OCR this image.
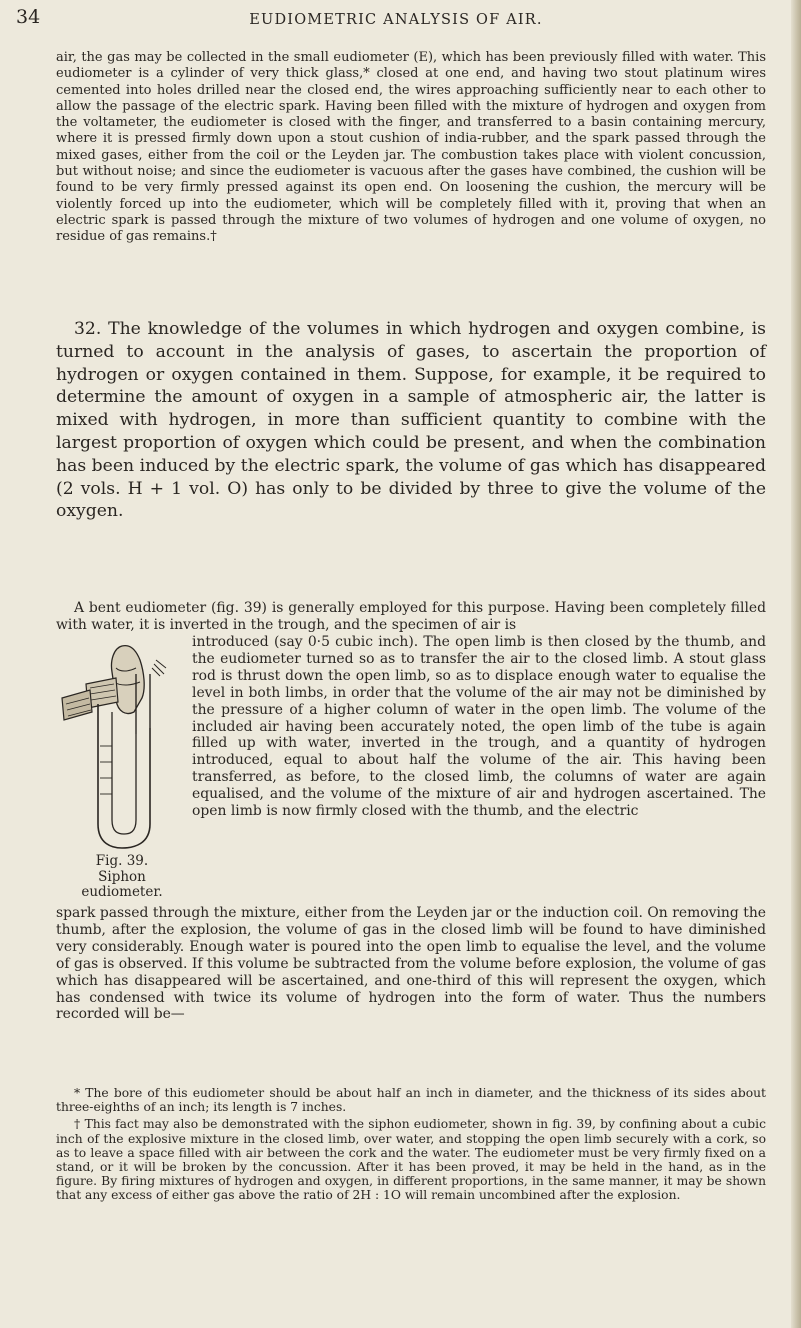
34	EUDIOMETRIC ANALYSIS OF AIR.

air, the gas may be collected in the small eudiometer (E), which has been previously filled with water. This eudiometer is a cylinder of very thick glass,* closed at one end, and having two stout platinum wires cemented into holes drilled near the closed end, the wires approaching sufficiently near to each other to allow the passage of the electric spark. Having been filled with the mixture of hydrogen and oxygen from the voltameter, the eudiometer is closed with the finger, and transferred to a basin containing mercury, where it is pressed firmly down upon a stout cushion of india-rubber, and the spark passed through the mixed gases, either from the coil or the Leyden jar. The combustion takes place with violent concussion, but without noise; and since the eudiometer is vacuous after the gases have combined, the cushion will be found to be very firmly pressed against its open end. On loosening the cushion, the mercury will be violently forced up into the eudiometer, which will be completely filled with it, proving that when an electric spark is passed through the mixture of two volumes of hydrogen and one volume of oxygen, no residue of gas remains.†

32. The knowledge of the volumes in which hydrogen and oxygen combine, is turned to account in the analysis of gases, to ascertain the proportion of hydrogen or oxygen contained in them. Suppose, for example, it be required to determine the amount of oxygen in a sample of atmospheric air, the latter is mixed with hydrogen, in more than sufficient quantity to combine with the largest proportion of oxygen which could be present, and when the combination has been induced by the electric spark, the volume of gas which has disappeared (2 vols. H + 1 vol. O) has only to be divided by three to give the volume of the oxygen.

A bent eudiometer (fig. 39) is generally employed for this purpose. Having been completely filled with water, it is inverted in the trough, and the specimen of air is

Fig. 39.
Siphon eudiometer.

introduced (say 0·5 cubic inch). The open limb is then closed by the thumb, and the eudiometer turned so as to transfer the air to the closed limb. A stout glass rod is thrust down the open limb, so as to displace enough water to equalise the level in both limbs, in order that the volume of the air may not be diminished by the pressure of a higher column of water in the open limb. The volume of the included air having been accurately noted, the open limb of the tube is again filled up with water, inverted in the trough, and a quantity of hydrogen introduced, equal to about half the volume of the air. This having been transferred, as before, to the closed limb, the columns of water are again equalised, and the volume of the mixture of air and hydrogen ascertained. The open limb is now firmly closed with the thumb, and the electric

spark passed through the mixture, either from the Leyden jar or the induction coil. On removing the thumb, after the explosion, the volume of gas in the closed limb will be found to have diminished very considerably. Enough water is poured into the open limb to equalise the level, and the volume of gas is observed. If this volume be subtracted from the volume before explosion, the volume of gas which has disappeared will be ascertained, and one-third of this will represent the oxygen, which has condensed with twice its volume of hydrogen into the form of water. Thus the numbers recorded will be—

* The bore of this eudiometer should be about half an inch in diameter, and the thickness of its sides about three-eighths of an inch; its length is 7 inches.

† This fact may also be demonstrated with the siphon eudiometer, shown in fig. 39, by confining about a cubic inch of the explosive mixture in the closed limb, over water, and stopping the open limb securely with a cork, so as to leave a space filled with air between the cork and the water. The eudiometer must be very firmly fixed on a stand, or it will be broken by the concussion. After it has been proved, it may be held in the hand, as in the figure. By firing mixtures of hydrogen and oxygen, in different proportions, in the same manner, it may be shown that any excess of either gas above the ratio of 2H : 1O will remain uncombined after the explosion.
